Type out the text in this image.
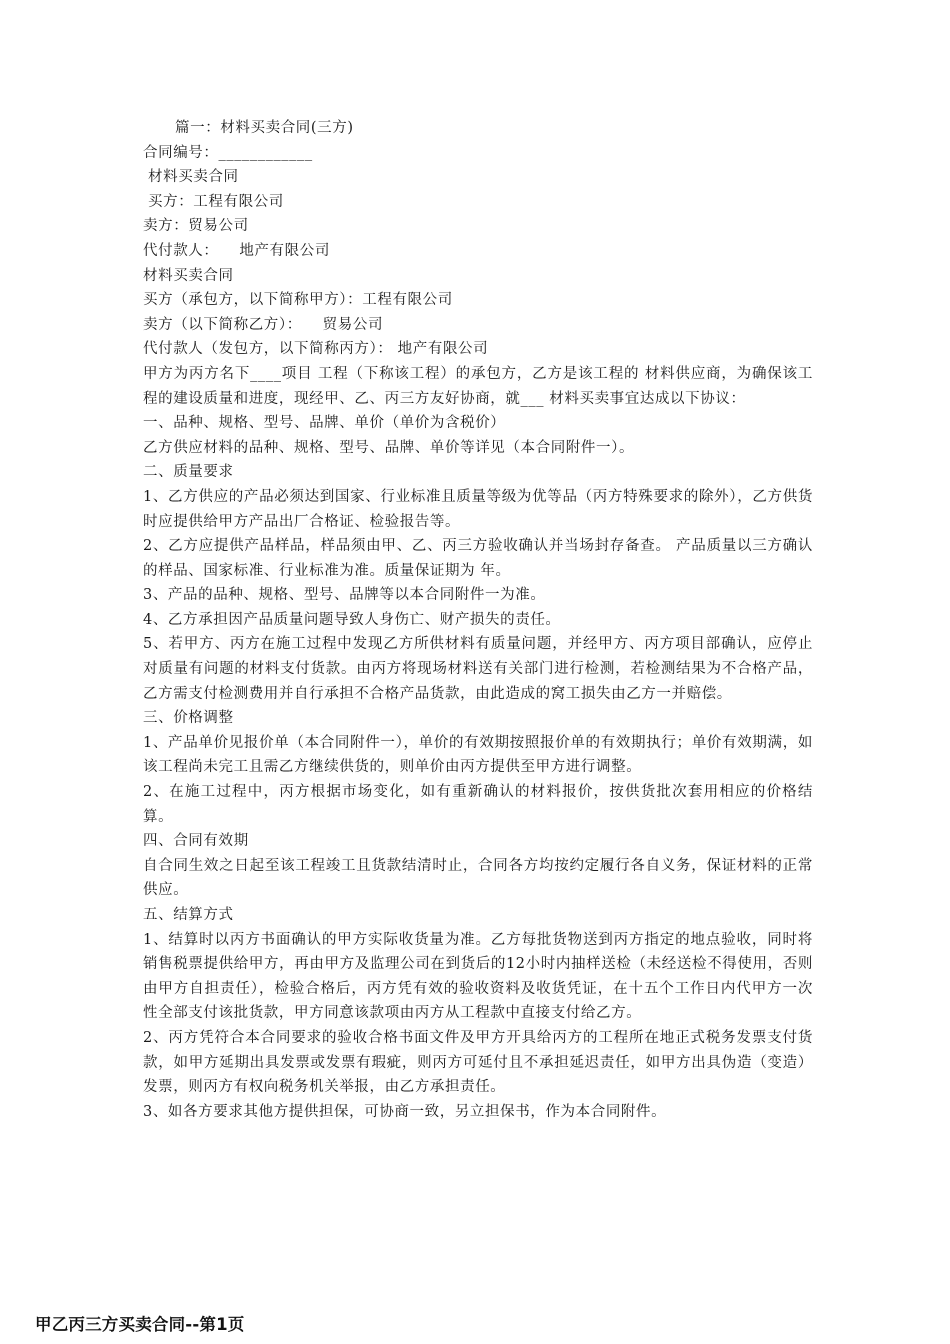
篇一：材料买卖合同(三方)

合同编号：____________

材料买卖合同

买方：工程有限公司

卖方：贸易公司

代付款人：    地产有限公司

材料买卖合同

买方（承包方，以下简称甲方）：工程有限公司

卖方（以下简称乙方）：    贸易公司

代付款人（发包方，以下简称丙方）： 地产有限公司

甲方为丙方名下____项目 工程（下称该工程）的承包方，乙方是该工程的 材料供应商，为确保该工程的建设质量和进度，现经甲、乙、丙三方友好协商，就___ 材料买卖事宜达成以下协议：

一、品种、规格、型号、品牌、单价（单价为含税价）

乙方供应材料的品种、规格、型号、品牌、单价等详见（本合同附件一）。

二、质量要求

1、乙方供应的产品必须达到国家、行业标准且质量等级为优等品（丙方特殊要求的除外），乙方供货时应提供给甲方产品出厂合格证、检验报告等。

2、乙方应提供产品样品，样品须由甲、乙、丙三方验收确认并当场封存备查。 产品质量以三方确认的样品、国家标准、行业标准为准。质量保证期为 年。

3、产品的品种、规格、型号、品牌等以本合同附件一为准。

4、乙方承担因产品质量问题导致人身伤亡、财产损失的责任。

5、若甲方、丙方在施工过程中发现乙方所供材料有质量问题，并经甲方、丙方项目部确认，应停止对质量有问题的材料支付货款。由丙方将现场材料送有关部门进行检测，若检测结果为不合格产品，乙方需支付检测费用并自行承担不合格产品货款，由此造成的窝工损失由乙方一并赔偿。

三、价格调整

1、产品单价见报价单（本合同附件一），单价的有效期按照报价单的有效期执行；单价有效期满，如该工程尚未完工且需乙方继续供货的，则单价由丙方提供至甲方进行调整。

2、在施工过程中，丙方根据市场变化，如有重新确认的材料报价，按供货批次套用相应的价格结算。

四、合同有效期

自合同生效之日起至该工程竣工且货款结清时止，合同各方均按约定履行各自义务，保证材料的正常供应。

五、结算方式

1、结算时以丙方书面确认的甲方实际收货量为准。乙方每批货物送到丙方指定的地点验收，同时将销售税票提供给甲方，再由甲方及监理公司在到货后的12小时内抽样送检（未经送检不得使用，否则由甲方自担责任），检验合格后，丙方凭有效的验收资料及收货凭证，在十五个工作日内代甲方一次性全部支付该批货款，甲方同意该款项由丙方从工程款中直接支付给乙方。

2、丙方凭符合本合同要求的验收合格书面文件及甲方开具给丙方的工程所在地正式税务发票支付货款，如甲方延期出具发票或发票有瑕疵，则丙方可延付且不承担延迟责任，如甲方出具伪造（变造）发票，则丙方有权向税务机关举报，由乙方承担责任。

3、如各方要求其他方提供担保，可协商一致，另立担保书，作为本合同附件。

甲乙丙三方买卖合同--第1页
